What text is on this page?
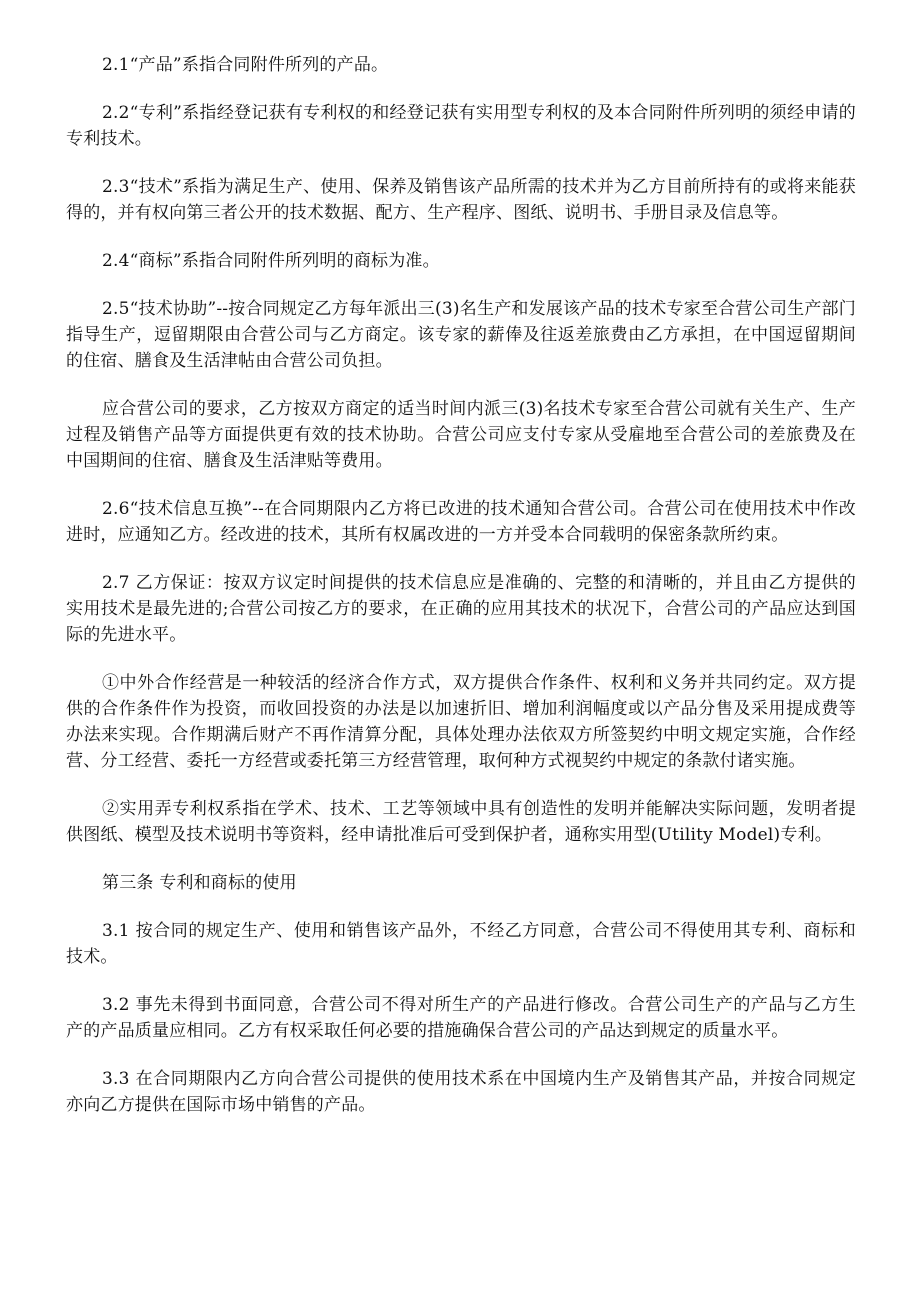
2.1“产品”系指合同附件所列的产品。

2.2“专利”系指经登记获有专利权的和经登记获有实用型专利权的及本合同附件所列明的须经申请的专利技术。

2.3“技术”系指为满足生产、使用、保养及销售该产品所需的技术并为乙方目前所持有的或将来能获得的，并有权向第三者公开的技术数据、配方、生产程序、图纸、说明书、手册目录及信息等。

2.4“商标”系指合同附件所列明的商标为准。

2.5“技术协助”--按合同规定乙方每年派出三(3)名生产和发展该产品的技术专家至合营公司生产部门指导生产，逗留期限由合营公司与乙方商定。该专家的薪俸及往返差旅费由乙方承担，在中国逗留期间的住宿、膳食及生活津帖由合营公司负担。

应合营公司的要求，乙方按双方商定的适当时间内派三(3)名技术专家至合营公司就有关生产、生产过程及销售产品等方面提供更有效的技术协助。合营公司应支付专家从受雇地至合营公司的差旅费及在中国期间的住宿、膳食及生活津贴等费用。

2.6“技术信息互换”--在合同期限内乙方将已改进的技术通知合营公司。合营公司在使用技术中作改进时，应通知乙方。经改进的技术，其所有权属改进的一方并受本合同载明的保密条款所约束。

2.7 乙方保证：按双方议定时间提供的技术信息应是准确的、完整的和清晰的，并且由乙方提供的实用技术是最先进的;合营公司按乙方的要求，在正确的应用其技术的状况下，合营公司的产品应达到国际的先进水平。

①中外合作经营是一种较活的经济合作方式，双方提供合作条件、权利和义务并共同约定。双方提供的合作条件作为投资，而收回投资的办法是以加速折旧、增加利润幅度或以产品分售及采用提成费等办法来实现。合作期满后财产不再作清算分配，具体处理办法依双方所签契约中明文规定实施，合作经营、分工经营、委托一方经营或委托第三方经营管理，取何种方式视契约中规定的条款付诸实施。

②实用弄专利权系指在学术、技术、工艺等领域中具有创造性的发明并能解决实际问题，发明者提供图纸、模型及技术说明书等资料，经申请批准后可受到保护者，通称实用型(Utility Model)专利。

第三条 专利和商标的使用

3.1 按合同的规定生产、使用和销售该产品外，不经乙方同意，合营公司不得使用其专利、商标和技术。

3.2 事先未得到书面同意，合营公司不得对所生产的产品进行修改。合营公司生产的产品与乙方生产的产品质量应相同。乙方有权采取任何必要的措施确保合营公司的产品达到规定的质量水平。

3.3 在合同期限内乙方向合营公司提供的使用技术系在中国境内生产及销售其产品，并按合同规定亦向乙方提供在国际市场中销售的产品。
